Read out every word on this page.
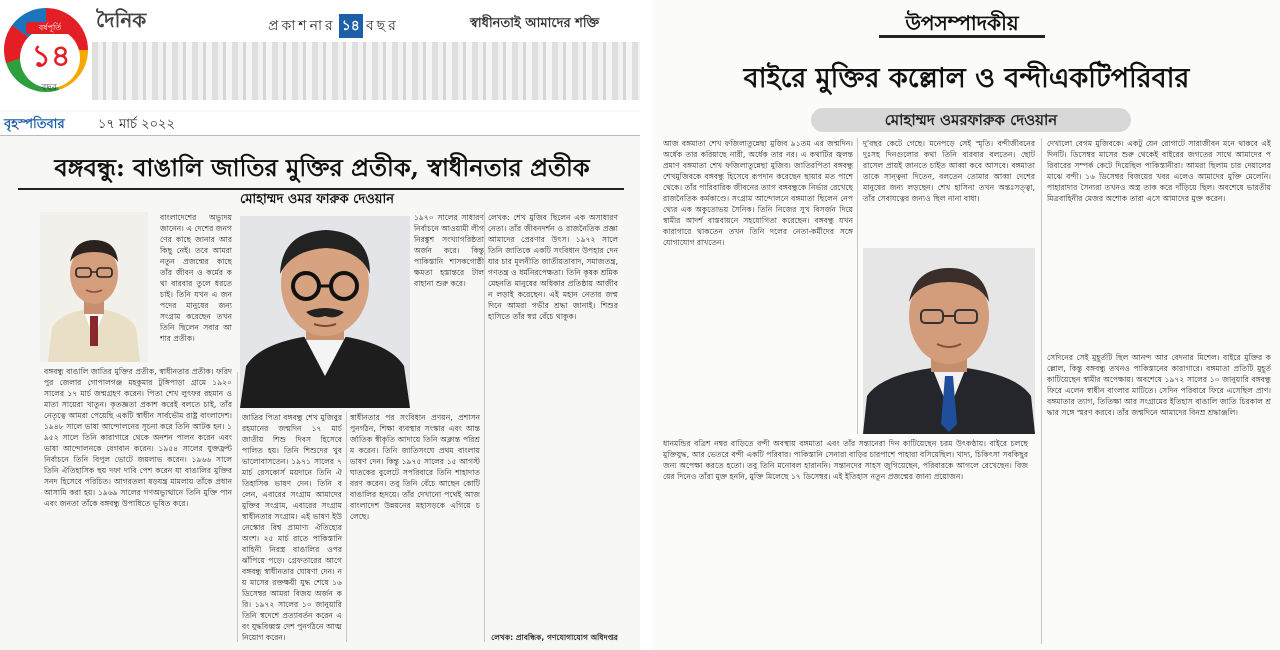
বর্ষপূর্তি
১৪
বছর
দৈনিক	প্রকাশনার ১৪ বছর	স্বাধীনতাই আমাদের শক্তি
বৃহস্পতিবার	১৭ মার্চ ২০২২
বঙ্গবন্ধু: বাঙালি জাতির মুক্তির প্রতীক, স্বাধীনতার প্রতীক
মোহাম্মদ ওমর ফারুক দেওয়ান
বাংলাদেশের অভ্যুদয় জানেন। এ দেশের জনগণের কাছে জানার আর কিছু নেই। তবে আমরা নতুন প্রজন্মের কাছে তাঁর জীবন ও কর্মের কথা বারবার তুলে ধরতে চাই। তিনি যখন এ জনপদের মানুষের জন্য সংগ্রাম করেছেন তখন তিনি ছিলেন সবার আশার প্রতীক।
বঙ্গবন্ধু বাঙালি জাতির মুক্তির প্রতীক, স্বাধীনতার প্রতীক। ফরিদপুর জেলার গোপালগঞ্জ মহকুমার টুঙ্গিপাড়া গ্রামে ১৯২০ সালের ১৭ মার্চ জন্মগ্রহণ করেন। পিতা শেখ লুৎফর রহমান ও মাতা সায়েরা খাতুন। কৃতজ্ঞতা প্রকাশ করেই বলতে চাই, তাঁর নেতৃত্বে আমরা পেয়েছি একটি স্বাধীন সার্বভৌম রাষ্ট্র বাংলাদেশ। ১৯৪৮ সালে ভাষা আন্দোলনের সূচনা করে তিনি আটক হন। ১৯৫২ সালে তিনি কারাগারে থেকে অনশন পালন করেন এবং ভাষা আন্দোলনকে বেগবান করেন। ১৯৫৪ সালের যুক্তফ্রন্ট নির্বাচনে তিনি বিপুল ভোটে জয়লাভ করেন। ১৯৬৬ সালে তিনি ঐতিহাসিক ছয় দফা দাবি পেশ করেন যা বাঙালির মুক্তির সনদ হিসেবে পরিচিত। আগরতলা ষড়যন্ত্র মামলায় তাঁকে প্রধান আসামি করা হয়। ১৯৬৯ সালের গণঅভ্যুত্থানে তিনি মুক্তি পান এবং জনতা তাঁকে বঙ্গবন্ধু উপাধিতে ভূষিত করে।
১৯৭০ সালের সাধারণ নির্বাচনে আওয়ামী লীগ নিরঙ্কুশ সংখ্যাগরিষ্ঠতা অর্জন করে। কিন্তু পাকিস্তানি শাসকগোষ্ঠী ক্ষমতা হস্তান্তরে টালবাহানা শুরু করে।
জাতির পিতা বঙ্গবন্ধু শেখ মুজিবুর রহমানের জন্মদিন ১৭ মার্চ জাতীয় শিশু দিবস হিসেবে পালিত হয়। তিনি শিশুদের খুব ভালোবাসতেন। ১৯৭১ সালের ৭ মার্চ রেসকোর্স ময়দানে তিনি ঐতিহাসিক ভাষণ দেন। তিনি বলেন, এবারের সংগ্রাম আমাদের মুক্তির সংগ্রাম, এবারের সংগ্রাম স্বাধীনতার সংগ্রাম। এই ভাষণ ইউনেস্কোর বিশ্ব প্রামাণ্য ঐতিহ্যের অংশ। ২৫ মার্চ রাতে পাকিস্তানি বাহিনী নিরস্ত্র বাঙালির ওপর ঝাঁপিয়ে পড়ে। গ্রেফতারের আগে বঙ্গবন্ধু স্বাধীনতার ঘোষণা দেন। নয় মাসের রক্তক্ষয়ী যুদ্ধ শেষে ১৬ ডিসেম্বর আমরা বিজয় অর্জন করি। ১৯৭২ সালের ১০ জানুয়ারি তিনি স্বদেশে প্রত্যাবর্তন করেন এবং যুদ্ধবিধ্বস্ত দেশ পুনর্গঠনে আত্মনিয়োগ করেন।
স্বাধীনতার পর সংবিধান প্রণয়ন, প্রশাসন পুনর্গঠন, শিক্ষা ব্যবস্থার সংস্কার এবং আন্তর্জাতিক স্বীকৃতি আদায়ে তিনি অক্লান্ত পরিশ্রম করেন। তিনি জাতিসংঘে প্রথম বাংলায় ভাষণ দেন। কিন্তু ১৯৭৫ সালের ১৫ আগস্ট ঘাতকের বুলেটে সপরিবারে তিনি শাহাদাত বরণ করেন। তবু তিনি বেঁচে আছেন কোটি বাঙালির হৃদয়ে। তাঁর দেখানো পথেই আজ বাংলাদেশ উন্নয়নের মহাসড়কে এগিয়ে চলেছে।
লেখক: শেখ মুজিব ছিলেন এক অসাধারণ নেতা। তাঁর জীবনদর্শন ও রাজনৈতিক প্রজ্ঞা আমাদের প্রেরণার উৎস। ১৯৭২ সালে তিনি জাতিকে একটি সংবিধান উপহার দেন যার চার মূলনীতি জাতীয়তাবাদ, সমাজতন্ত্র, গণতন্ত্র ও ধর্মনিরপেক্ষতা। তিনি কৃষক শ্রমিক মেহনতি মানুষের অধিকার প্রতিষ্ঠায় আজীবন লড়াই করেছেন। এই মহান নেতার জন্মদিনে আমরা গভীর শ্রদ্ধা জানাই। শিশুর হাসিতে তাঁর স্বপ্ন বেঁচে থাকুক।
লেখক: প্রাবন্ধিক, গণযোগাযোগ অধিদপ্তর
উপসম্পাদকীয়
বাইরে মুক্তির কল্লোল ও বন্দীএকটিপরিবার
মোহাম্মদ ওমরফারুক দেওয়ান
আজ বঙ্গমাতা শেখ ফজিলাতুন্নেছা মুজিব ৯১তম এর জন্মদিন। অর্ধেক তার করিয়াছে নারী, অর্ধেক তার নর। এ কথাটির জ্বলন্ত প্রমাণ বঙ্গমাতা শেখ ফজিলাতুন্নেছা মুজিব। জাতিরপিতা বঙ্গবন্ধু শেখমুজিবকে বঙ্গবন্ধু হিসেবে রূপদান করেছেন ছায়ার মত পাশে থেকে। তাঁর পারিবারিক জীবনের ত্যাগ বঙ্গবন্ধুকে নির্ভার রেখেছে রাজনৈতিক কর্মকাণ্ডে। সংগ্রাম আন্দোলনে বঙ্গমাতা ছিলেন নেপথ্যের এক অকুতোভয় সৈনিক। তিনি নিজের সুখ বিসর্জন দিয়ে স্বামীর আদর্শ বাস্তবায়নে সহযোগিতা করেছেন। বঙ্গবন্ধু যখন কারাগারে থাকতেন তখন তিনি দলের নেতা-কর্মীদের সঙ্গে যোগাযোগ রাখতেন।
ধানমন্ডির বত্রিশ নম্বর বাড়িতে বন্দী অবস্থায় বঙ্গমাতা এবং তাঁর সন্তানেরা দিন কাটিয়েছেন চরম উৎকণ্ঠায়। বাইরে চলছে মুক্তিযুদ্ধ, আর ভেতরে বন্দী একটি পরিবার। পাকিস্তানি সেনারা বাড়ির চারপাশে পাহারা বসিয়েছিল। খাদ্য, চিকিৎসা সবকিছুর জন্য অপেক্ষা করতে হতো। তবু তিনি মনোবল হারাননি। সন্তানদের সাহস জুগিয়েছেন, পরিবারকে আগলে রেখেছেন। বিজয়ের দিনেও তাঁরা মুক্ত হননি, মুক্তি মিলেছে ১৭ ডিসেম্বর। এই ইতিহাস নতুন প্রজন্মের জানা প্রয়োজন।
দু'বছর কেটে গেছে। মনেপড়ে সেই স্মৃতি। বন্দীজীবনের দুঃসহ দিনগুলোর কথা তিনি বারবার বলতেন। ছোট রাসেল প্রায়ই জানতে চাইত আব্বা কবে আসবে। বঙ্গমাতা তাকে সান্ত্বনা দিতেন, বলতেন তোমার আব্বা দেশের মানুষের জন্য লড়ছেন। শেখ হাসিনা তখন অন্তঃসত্ত্বা, তাঁর সেবাযত্নের জন্যও ছিল নানা বাধা।
দেখালো বেগম মুজিবকে। একটু যেন রোগাটে সারাজীবন মনে থাকবে এই দিনটি। ডিসেম্বর মাসের শুরু থেকেই বাইরের জগতের সাথে আমাদের পরিবারের সম্পর্ক কেটে দিয়েছিল পাকিস্তানীরা। আমরা ছিলাম চার দেয়ালের মাঝে বন্দী। ১৬ ডিসেম্বর বিজয়ের খবর এলেও আমাদের মুক্তি মেলেনি। পাহারাদার সৈন্যরা তখনও অস্ত্র তাক করে দাঁড়িয়ে ছিল। অবশেষে ভারতীয় মিত্রবাহিনীর মেজর অশোক তারা এসে আমাদের মুক্ত করেন।
সেদিনের সেই মুহূর্তটি ছিল আনন্দ আর বেদনার মিশেল। বাইরে মুক্তির কল্লোল, কিন্তু বঙ্গবন্ধু তখনও পাকিস্তানের কারাগারে। বঙ্গমাতা প্রতিটি মুহূর্ত কাটিয়েছেন স্বামীর অপেক্ষায়। অবশেষে ১৯৭২ সালের ১০ জানুয়ারি বঙ্গবন্ধু ফিরে এলেন স্বাধীন বাংলার মাটিতে। সেদিন পরিবারে ফিরে এসেছিল প্রাণ। বঙ্গমাতার ত্যাগ, তিতিক্ষা আর সংগ্রামের ইতিহাস বাঙালি জাতি চিরকাল শ্রদ্ধার সঙ্গে স্মরণ করবে। তাঁর জন্মদিনে আমাদের বিনম্র শ্রদ্ধাঞ্জলি।
